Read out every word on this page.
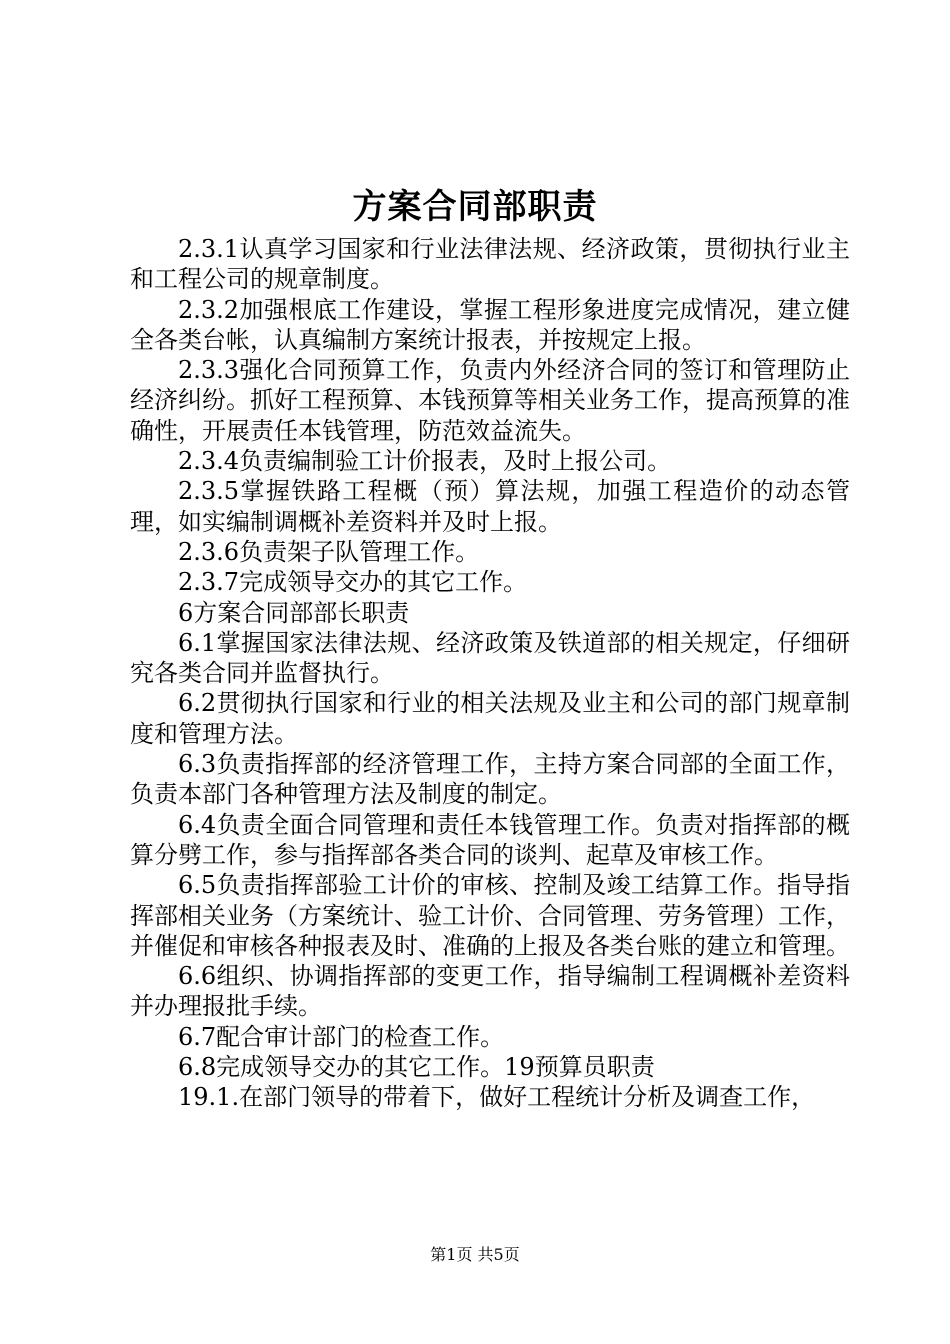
方案合同部职责

2.3.1认真学习国家和行业法律法规、经济政策，贯彻执行业主和工程公司的规章制度。

2.3.2加强根底工作建设，掌握工程形象进度完成情况，建立健全各类台帐，认真编制方案统计报表，并按规定上报。

2.3.3强化合同预算工作，负责内外经济合同的签订和管理防止经济纠纷。抓好工程预算、本钱预算等相关业务工作，提高预算的准确性，开展责任本钱管理，防范效益流失。

2.3.4负责编制验工计价报表，及时上报公司。

2.3.5掌握铁路工程概（预）算法规，加强工程造价的动态管理，如实编制调概补差资料并及时上报。

2.3.6负责架子队管理工作。

2.3.7完成领导交办的其它工作。

6方案合同部部长职责

6.1掌握国家法律法规、经济政策及铁道部的相关规定，仔细研究各类合同并监督执行。

6.2贯彻执行国家和行业的相关法规及业主和公司的部门规章制度和管理方法。

6.3负责指挥部的经济管理工作，主持方案合同部的全面工作，负责本部门各种管理方法及制度的制定。

6.4负责全面合同管理和责任本钱管理工作。负责对指挥部的概算分劈工作，参与指挥部各类合同的谈判、起草及审核工作。

6.5负责指挥部验工计价的审核、控制及竣工结算工作。指导指挥部相关业务（方案统计、验工计价、合同管理、劳务管理）工作，并催促和审核各种报表及时、准确的上报及各类台账的建立和管理。

6.6组织、协调指挥部的变更工作，指导编制工程调概补差资料并办理报批手续。

6.7配合审计部门的检查工作。

6.8完成领导交办的其它工作。19预算员职责

19.1.在部门领导的带着下，做好工程统计分析及调查工作，

第1页 共5页
